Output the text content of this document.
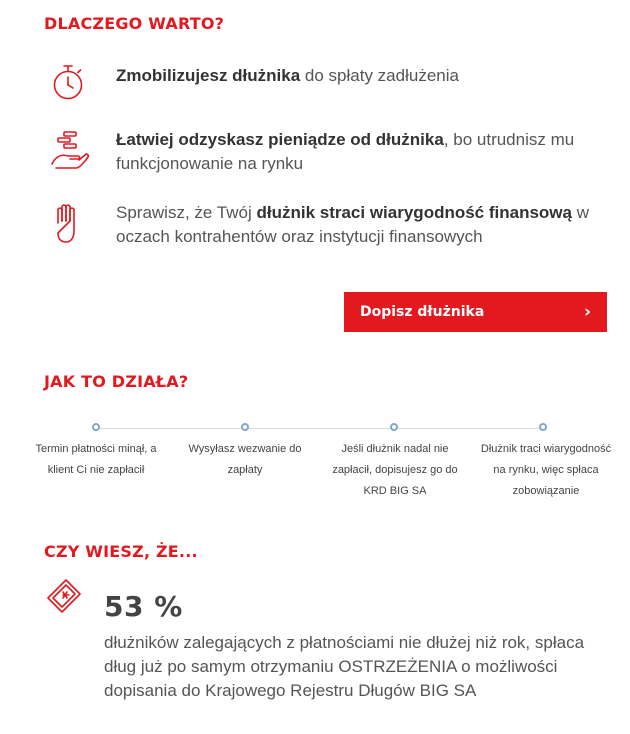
DLACZEGO WARTO?
Zmobilizujesz dłużnika do spłaty zadłużenia
Łatwiej odzyskasz pieniądze od dłużnika, bo utrudnisz mu funkcjonowanie na rynku
Sprawisz, że Twój dłużnik straci wiarygodność finansową w oczach kontrahentów oraz instytucji finansowych
Dopisz dłużnika	›
JAK TO DZIAŁA?
Termin płatności minął, a klient Ci nie zapłacił
Wysyłasz wezwanie do zapłaty
Jeśli dłużnik nadal nie zapłacił, dopisujesz go do KRD BIG SA
Dłużnik traci wiarygodność na rynku, więc spłaca zobowiązanie
CZY WIESZ, ŻE...
53 %
dłużników zalegających z płatnościami nie dłużej niż rok, spłaca dług już po samym otrzymaniu OSTRZEŻENIA o możliwości dopisania do Krajowego Rejestru Długów BIG SA
